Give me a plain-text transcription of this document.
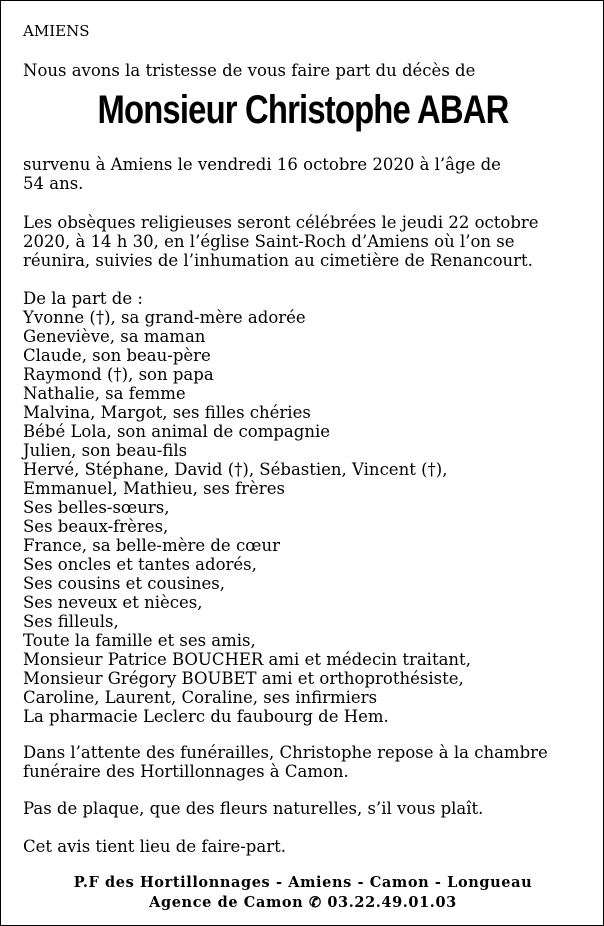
AMIENS
Nous avons la tristesse de vous faire part du décès de
Monsieur Christophe ABAR
survenu à Amiens le vendredi 16 octobre 2020 à l’âge de
54 ans.
Les obsèques religieuses seront célébrées le jeudi 22 octobre
2020, à 14 h 30, en l’église Saint-Roch d’Amiens où l’on se
réunira, suivies de l’inhumation au cimetière de Renancourt.
De la part de :
Yvonne (†), sa grand-mère adorée
Geneviève, sa maman
Claude, son beau-père
Raymond (†), son papa
Nathalie, sa femme
Malvina, Margot, ses filles chéries
Bébé Lola, son animal de compagnie
Julien, son beau-fils
Hervé, Stéphane, David (†), Sébastien, Vincent (†),
Emmanuel, Mathieu, ses frères
Ses belles-sœurs,
Ses beaux-frères,
France, sa belle-mère de cœur
Ses oncles et tantes adorés,
Ses cousins et cousines,
Ses neveux et nièces,
Ses filleuls,
Toute la famille et ses amis,
Monsieur Patrice BOUCHER ami et médecin traitant,
Monsieur Grégory BOUBET ami et orthoprothésiste,
Caroline, Laurent, Coraline, ses infirmiers
La pharmacie Leclerc du faubourg de Hem.
Dans l’attente des funérailles, Christophe repose à la chambre
funéraire des Hortillonnages à Camon.
Pas de plaque, que des fleurs naturelles, s’il vous plaît.
Cet avis tient lieu de faire-part.
P.F des Hortillonnages - Amiens - Camon - Longueau
Agence de Camon ✆ 03.22.49.01.03
